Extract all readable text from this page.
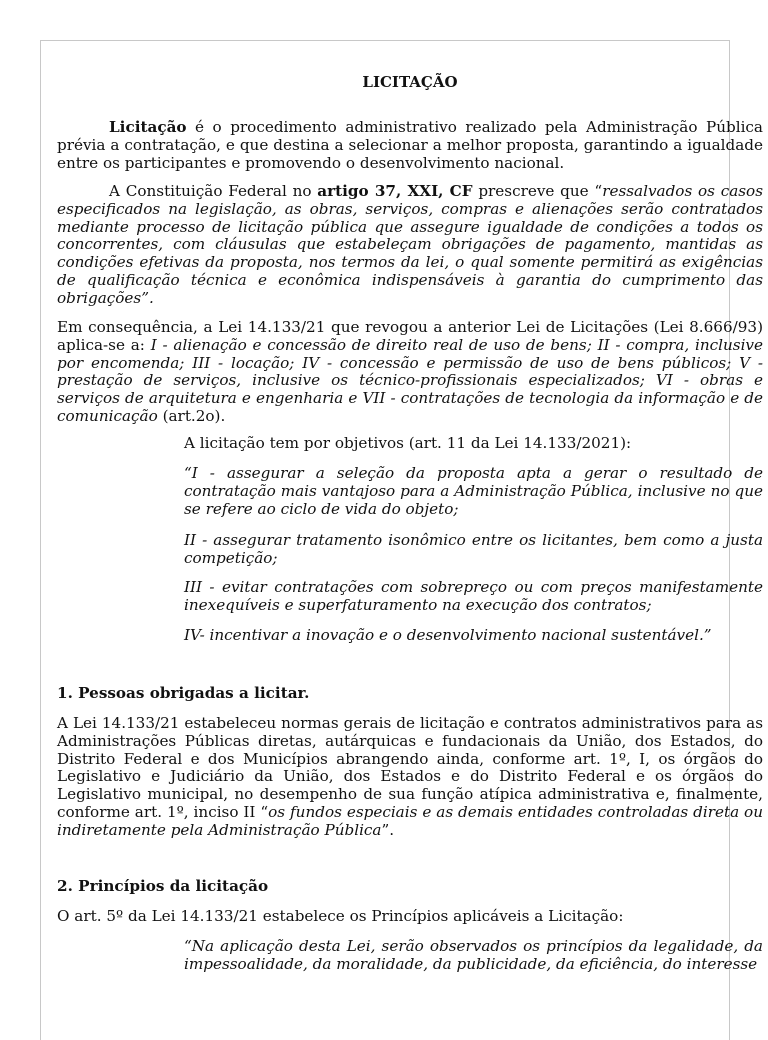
LICITAÇÃO

Licitação é o procedimento administrativo realizado pela Administração Pública prévia a contratação, e que destina a selecionar a melhor proposta, garantindo a igualdade entre os participantes e promovendo o desenvolvimento nacional.

A Constituição Federal no artigo 37, XXI, CF prescreve que “ressalvados os casos especificados na legislação, as obras, serviços, compras e alienações serão contratados mediante processo de licitação pública que assegure igualdade de condições a todos os concorrentes, com cláusulas que estabeleçam obrigações de pagamento, mantidas as condições efetivas da proposta, nos termos da lei, o qual somente permitirá as exigências de qualificação técnica e econômica indispensáveis à garantia do cumprimento das obrigações”.

Em consequência, a Lei 14.133/21 que revogou a anterior Lei de Licitações (Lei 8.666/93) aplica-se a: I - alienação e concessão de direito real de uso de bens; II - compra, inclusive por encomenda; III - locação; IV - concessão e permissão de uso de bens públicos; V - prestação de serviços, inclusive os técnico-profissionais especializados; VI - obras e serviços de arquitetura e engenharia e VII - contratações de tecnologia da informação e de comunicação (art.2o).

A licitação tem por objetivos (art. 11 da Lei 14.133/2021):

“I - assegurar a seleção da proposta apta a gerar o resultado de contratação mais vantajoso para a Administração Pública, inclusive no que se refere ao ciclo de vida do objeto;

II - assegurar tratamento isonômico entre os licitantes, bem como a justa competição;

III - evitar contratações com sobrepreço ou com preços manifestamente inexequíveis e superfaturamento na execução dos contratos;

IV- incentivar a inovação e o desenvolvimento nacional sustentável.”

1. Pessoas obrigadas a licitar.

A Lei 14.133/21 estabeleceu normas gerais de licitação e contratos administrativos para as Administrações Públicas diretas, autárquicas e fundacionais da União, dos Estados, do Distrito Federal e dos Municípios abrangendo ainda, conforme art. 1º, I, os órgãos do Legislativo e Judiciário da União, dos Estados e do Distrito Federal e os órgãos do Legislativo municipal, no desempenho de sua função atípica administrativa e, finalmente, conforme art. 1º, inciso II “os fundos especiais e as demais entidades controladas direta ou indiretamente pela Administração Pública”.

2. Princípios da licitação

O art. 5º da Lei 14.133/21 estabelece os Princípios aplicáveis a Licitação:

“Na aplicação desta Lei, serão observados os princípios da legalidade, da impessoalidade, da moralidade, da publicidade, da eficiência, do interesse
